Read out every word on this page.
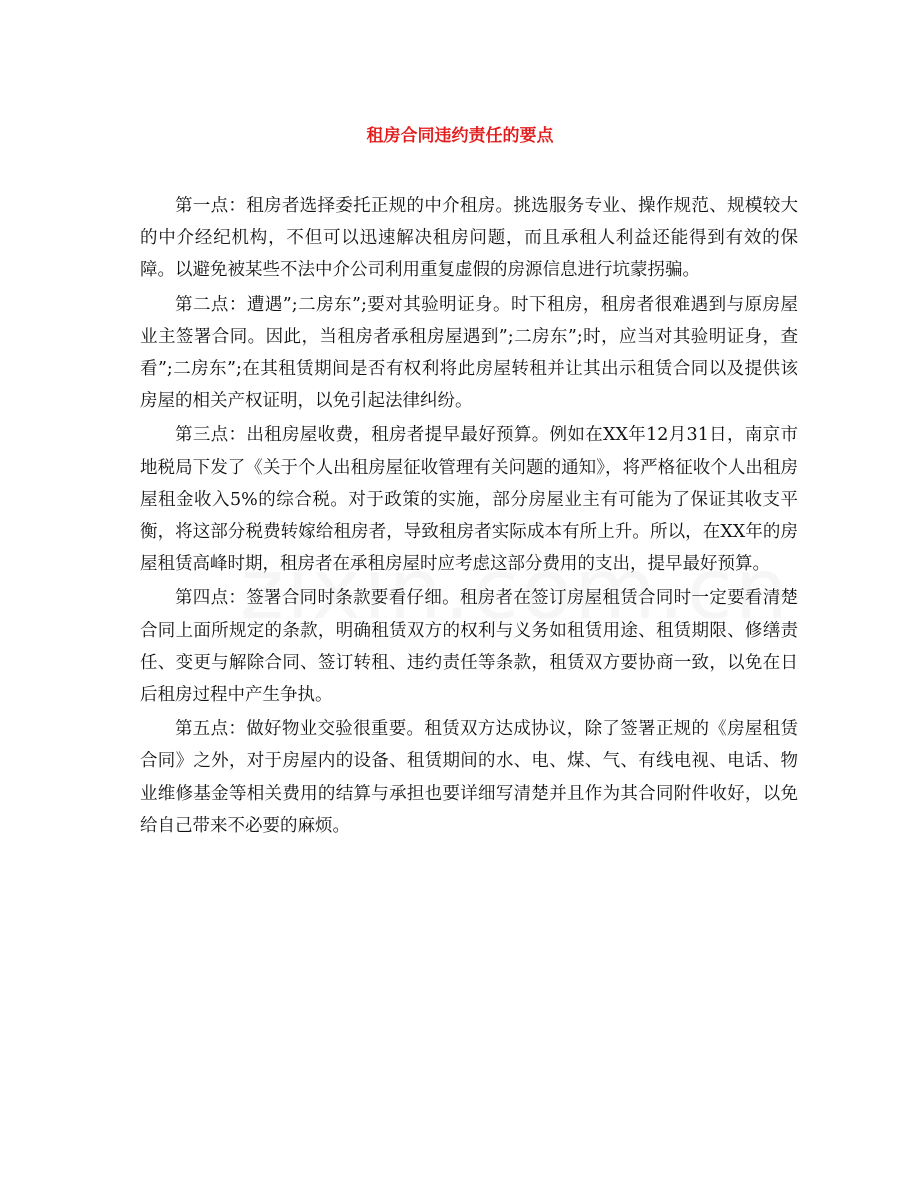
租房合同违约责任的要点

第一点：租房者选择委托正规的中介租房。挑选服务专业、操作规范、规模较大的中介经纪机构，不但可以迅速解决租房问题，而且承租人利益还能得到有效的保障。以避免被某些不法中介公司利用重复虚假的房源信息进行坑蒙拐骗。

第二点：遭遇”;二房东”;要对其验明证身。时下租房，租房者很难遇到与原房屋业主签署合同。因此，当租房者承租房屋遇到”;二房东”;时，应当对其验明证身，查看”;二房东”;在其租赁期间是否有权利将此房屋转租并让其出示租赁合同以及提供该房屋的相关产权证明，以免引起法律纠纷。

第三点：出租房屋收费，租房者提早最好预算。例如在XX年12月31日，南京市地税局下发了《关于个人出租房屋征收管理有关问题的通知》，将严格征收个人出租房屋租金收入5%的综合税。对于政策的实施，部分房屋业主有可能为了保证其收支平衡，将这部分税费转嫁给租房者，导致租房者实际成本有所上升。所以，在XX年的房屋租赁高峰时期，租房者在承租房屋时应考虑这部分费用的支出，提早最好预算。

第四点：签署合同时条款要看仔细。租房者在签订房屋租赁合同时一定要看清楚合同上面所规定的条款，明确租赁双方的权利与义务如租赁用途、租赁期限、修缮责任、变更与解除合同、签订转租、违约责任等条款，租赁双方要协商一致，以免在日后租房过程中产生争执。

第五点：做好物业交验很重要。租赁双方达成协议，除了签署正规的《房屋租赁合同》之外，对于房屋内的设备、租赁期间的水、电、煤、气、有线电视、电话、物业维修基金等相关费用的结算与承担也要详细写清楚并且作为其合同附件收好，以免给自己带来不必要的麻烦。
